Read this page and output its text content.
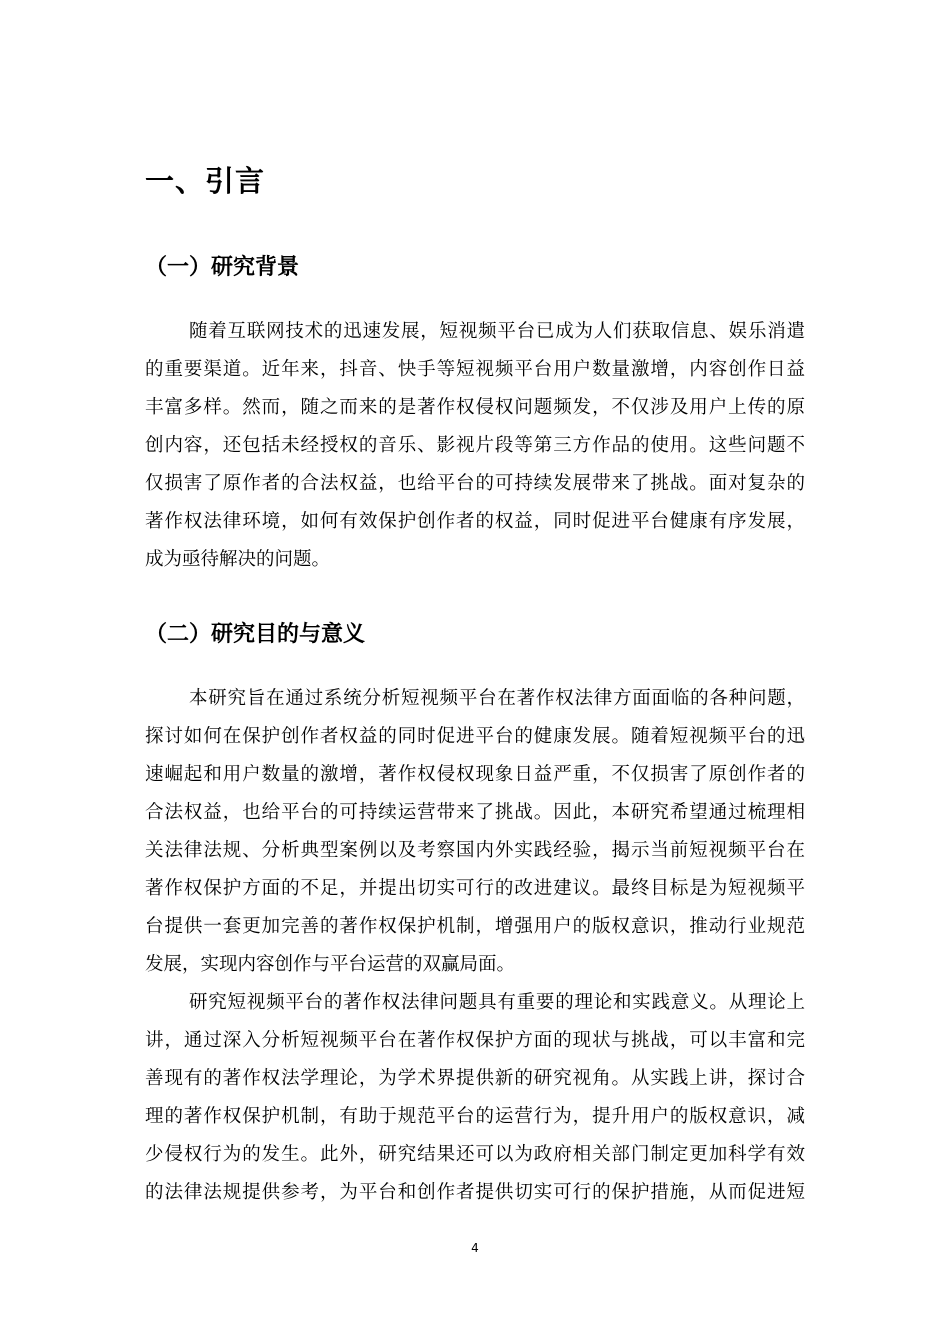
一、引言
（一）研究背景
随着互联网技术的迅速发展，短视频平台已成为人们获取信息、娱乐消遣
的重要渠道。近年来，抖音、快手等短视频平台用户数量激增，内容创作日益
丰富多样。然而，随之而来的是著作权侵权问题频发，不仅涉及用户上传的原
创内容，还包括未经授权的音乐、影视片段等第三方作品的使用。这些问题不
仅损害了原作者的合法权益，也给平台的可持续发展带来了挑战。面对复杂的
著作权法律环境，如何有效保护创作者的权益，同时促进平台健康有序发展，
成为亟待解决的问题。
（二）研究目的与意义
本研究旨在通过系统分析短视频平台在著作权法律方面面临的各种问题，
探讨如何在保护创作者权益的同时促进平台的健康发展。随着短视频平台的迅
速崛起和用户数量的激增，著作权侵权现象日益严重，不仅损害了原创作者的
合法权益，也给平台的可持续运营带来了挑战。因此，本研究希望通过梳理相
关法律法规、分析典型案例以及考察国内外实践经验，揭示当前短视频平台在
著作权保护方面的不足，并提出切实可行的改进建议。最终目标是为短视频平
台提供一套更加完善的著作权保护机制，增强用户的版权意识，推动行业规范
发展，实现内容创作与平台运营的双赢局面。
研究短视频平台的著作权法律问题具有重要的理论和实践意义。从理论上
讲，通过深入分析短视频平台在著作权保护方面的现状与挑战，可以丰富和完
善现有的著作权法学理论，为学术界提供新的研究视角。从实践上讲，探讨合
理的著作权保护机制，有助于规范平台的运营行为，提升用户的版权意识，减
少侵权行为的发生。此外，研究结果还可以为政府相关部门制定更加科学有效
的法律法规提供参考，为平台和创作者提供切实可行的保护措施，从而促进短
4
